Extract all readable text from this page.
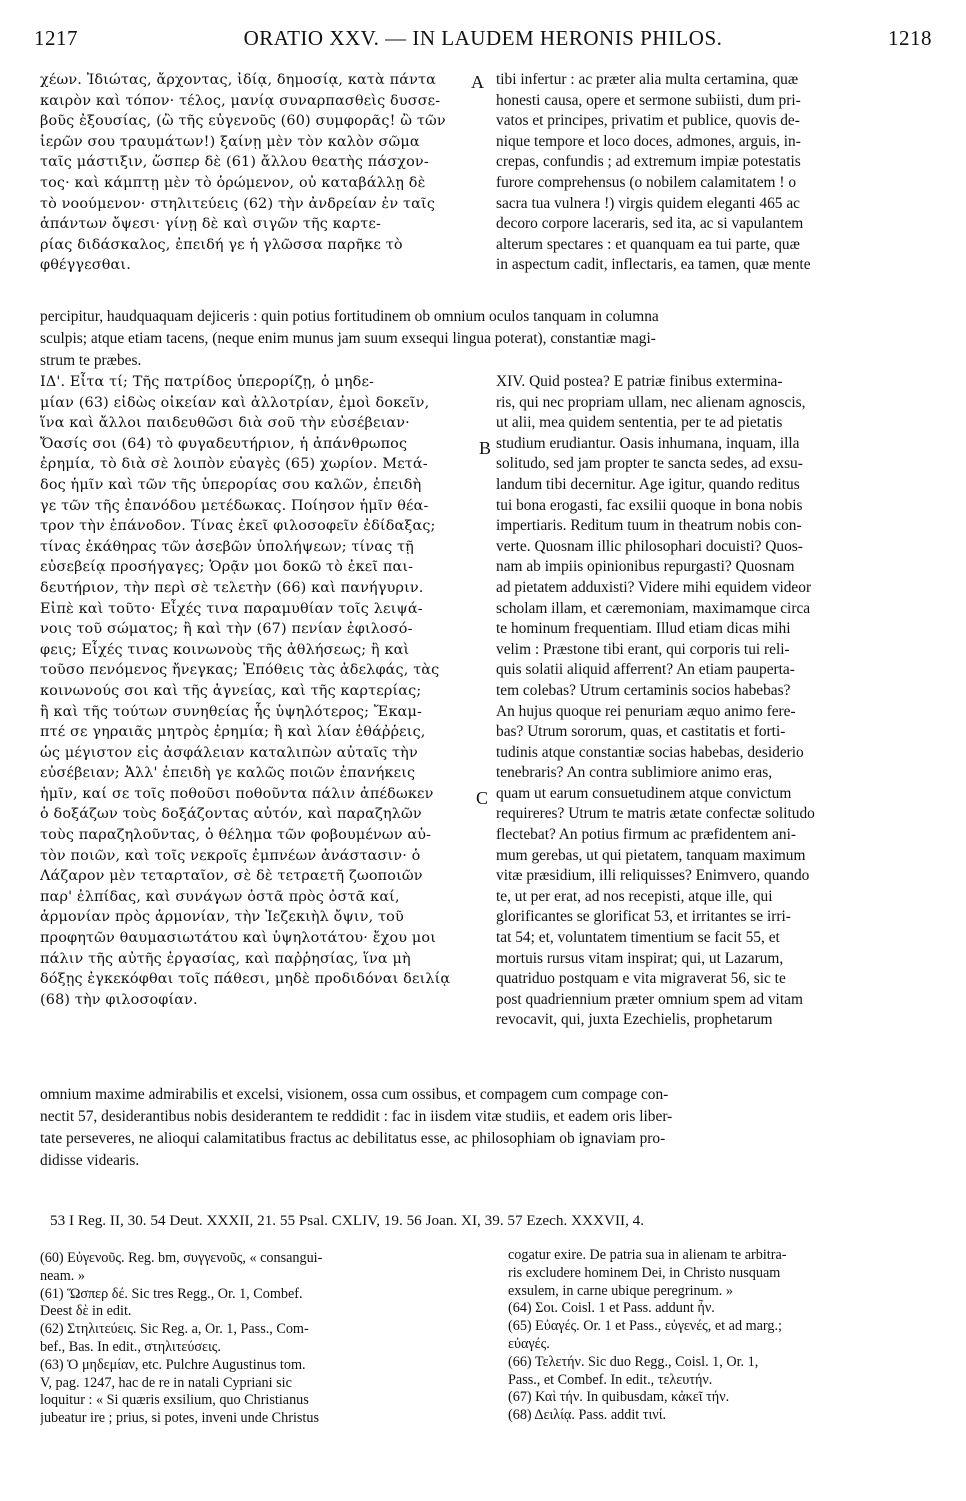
1217	ORATIO XXV. — IN LAUDEM HERONIS PHILOS.	1218
χέων. Ἰδιώτας, ἄρχοντας, ἰδίᾳ, δημοσίᾳ, κατὰ πάντα
καιρὸν καὶ τόπον· τέλος, μανίᾳ συναρπασθεὶς δυσσε-
βοῦς ἐξουσίας, (ὢ τῆς εὐγενοῦς (60) συμφορᾶς! ὢ τῶν
ἱερῶν σου τραυμάτων!) ξαίνῃ μὲν τὸν καλὸν σῶμα
ταῖς μάστιξιν, ὥσπερ δὲ (61) ἄλλου θεατὴς πάσχον-
τος· καὶ κάμπτῃ μὲν τὸ ὁρώμενον, οὐ καταβάλλῃ δὲ
τὸ νοούμενον· στηλιτεύεις (62) τὴν ἀνδρείαν ἐν ταῖς
ἁπάντων ὄψεσι· γίνῃ δὲ καὶ σιγῶν τῆς καρτε-
ρίας διδάσκαλος, ἐπειδή γε ἡ γλῶσσα παρῆκε τὸ
φθέγγεσθαι.
tibi infertur : ac præter alia multa certamina, quæ
honesti causa, opere et sermone subiisti, dum pri-
vatos et principes, privatim et publice, quovis de-
nique tempore et loco doces, admones, arguis, in-
crepas, confundis ; ad extremum impiæ potestatis
furore comprehensus (o nobilem calamitatem ! o
sacra tua vulnera !) virgis quidem eleganti 465 ac
decoro corpore laceraris, sed ita, ac si vapulantem
alterum spectares : et quanquam ea tui parte, quæ
in aspectum cadit, inflectaris, ea tamen, quæ mente
A
percipitur, haudquaquam dejiceris : quin potius fortitudinem ob omnium oculos tanquam in columna
sculpis; atque etiam tacens, (neque enim munus jam suum exsequi lingua poterat), constantiæ magi-
strum te præbes.
ΙΔ'. Εἶτα τί; Τῆς πατρίδος ὑπερορίζῃ, ὁ μηδε-
μίαν (63) εἰδὼς οἰκείαν καὶ ἀλλοτρίαν, ἐμοὶ δοκεῖν,
ἵνα καὶ ἄλλοι παιδευθῶσι διὰ σοῦ τὴν εὐσέβειαν·
Ὄασίς σοι (64) τὸ φυγαδευτήριον, ἡ ἀπάνθρωπος
ἐρημία, τὸ διὰ σὲ λοιπὸν εὐαγὲς (65) χωρίον. Μετά-
δος ἡμῖν καὶ τῶν τῆς ὑπερορίας σου καλῶν, ἐπειδὴ
γε τῶν τῆς ἐπανόδου μετέδωκας. Ποίησον ἡμῖν θέα-
τρον τὴν ἐπάνοδον. Τίνας ἐκεῖ φιλοσοφεῖν ἐδίδαξας;
τίνας ἐκάθηρας τῶν ἀσεβῶν ὑπολήψεων; τίνας τῇ
εὐσεβείᾳ προσήγαγες; Ὁρᾷν μοι δοκῶ τὸ ἐκεῖ παι-
δευτήριον, τὴν περὶ σὲ τελετὴν (66) καὶ πανήγυριν.
Εἰπὲ καὶ τοῦτο· Εἶχές τινα παραμυθίαν τοῖς λειψά-
νοις τοῦ σώματος; ἢ καὶ τὴν (67) πενίαν ἐφιλοσό-
φεις; Εἶχές τινας κοινωνοὺς τῆς ἀθλήσεως; ἢ καὶ
τοῦσο πενόμενος ἤνεγκας; Ἐπόθεις τὰς ἀδελφάς, τὰς
κοινωνούς σοι καὶ τῆς ἁγνείας, καὶ τῆς καρτερίας;
ἢ καὶ τῆς τούτων συνηθείας ἧς ὑψηλότερος; Ἔκαμ-
πτέ σε γηραιᾶς μητρὸς ἐρημία; ἢ καὶ λίαν ἐθάῤῥεις,
ὡς μέγιστον εἰς ἀσφάλειαν καταλιπὼν αὐταῖς τὴν
εὐσέβειαν; Ἀλλ' ἐπειδὴ γε καλῶς ποιῶν ἐπανήκεις
ἡμῖν, καί σε τοῖς ποθοῦσι ποθοῦντα πάλιν ἀπέδωκεν
ὁ δοξάζων τοὺς δοξάζοντας αὐτόν, καὶ παραζηλῶν
τοὺς παραζηλοῦντας, ὁ θέλημα τῶν φοβουμένων αὐ-
τὸν ποιῶν, καὶ τοῖς νεκροῖς ἐμπνέων ἀνάστασιν· ὁ
Λάζαρον μὲν τεταρταῖον, σὲ δὲ τετραετῆ ζωοποιῶν
παρ' ἐλπίδας, καὶ συνάγων ὀστᾶ πρὸς ὀστᾶ καί,
ἁρμονίαν πρὸς ἁρμονίαν, τὴν Ἰεζεκιὴλ ὄψιν, τοῦ
προφητῶν θαυμασιωτάτου καὶ ὑψηλοτάτου· ἔχου μοι
πάλιν τῆς αὐτῆς ἐργασίας, καὶ παῤῥησίας, ἵνα μὴ
δόξῃς ἐγκεκόφθαι τοῖς πάθεσι, μηδὲ προδιδόναι δειλίᾳ
(68) τὴν φιλοσοφίαν.
XIV. Quid postea? E patriæ finibus extermina-
ris, qui nec propriam ullam, nec alienam agnoscis,
ut alii, mea quidem sententia, per te ad pietatis
studium erudiantur. Oasis inhumana, inquam, illa
solitudo, sed jam propter te sancta sedes, ad exsu-
landum tibi decernitur. Age igitur, quando reditus
tui bona erogasti, fac exsilii quoque in bona nobis
impertiaris. Reditum tuum in theatrum nobis con-
verte. Quosnam illic philosophari docuisti? Quos-
nam ab impiis opinionibus repurgasti? Quosnam
ad pietatem adduxisti? Videre mihi equidem videor
scholam illam, et cæremoniam, maximamque circa
te hominum frequentiam. Illud etiam dicas mihi
velim : Præstone tibi erant, qui corporis tui reli-
quis solatii aliquid afferrent? An etiam pauperta-
tem colebas? Utrum certaminis socios habebas?
An hujus quoque rei penuriam æquo animo fere-
bas? Utrum sororum, quas, et castitatis et forti-
tudinis atque constantiæ socias habebas, desiderio
tenebraris? An contra sublimiore animo eras,
quam ut earum consuetudinem atque convictum
requireres? Utrum te matris ætate confectæ solitudo
flectebat? An potius firmum ac præfidentem ani-
mum gerebas, ut qui pietatem, tanquam maximum
vitæ præsidium, illi reliquisses? Enimvero, quando
te, ut per erat, ad nos recepisti, atque ille, qui
glorificantes se glorificat 53, et irritantes se irri-
tat 54; et, voluntatem timentium se facit 55, et
mortuis rursus vitam inspirat; qui, ut Lazarum,
quatriduo postquam e vita migraverat 56, sic te
post quadriennium præter omnium spem ad vitam
revocavit, qui, juxta Ezechielis, prophetarum
B
C
omnium maxime admirabilis et excelsi, visionem, ossa cum ossibus, et compagem cum compage con-
nectit 57, desiderantibus nobis desiderantem te reddidit : fac in iisdem vitæ studiis, et eadem oris liber-
tate perseveres, ne alioqui calamitatibus fractus ac debilitatus esse, ac philosophiam ob ignaviam pro-
didisse videaris.
53 I Reg. II, 30. 54 Deut. XXXII, 21. 55 Psal. CXLIV, 19. 56 Joan. XI, 39. 57 Ezech. XXXVII, 4.
(60) Εὐγενοῦς. Reg. bm, συγγενοῦς, « consangui-
neam. »
(61) Ὥσπερ δέ. Sic tres Regg., Or. 1, Combef.
Deest δὲ in edit.
(62) Στηλιτεύεις. Sic Reg. a, Or. 1, Pass., Com-
bef., Bas. In edit., στηλιτεύσεις.
(63) Ὁ μηδεμίαν, etc. Pulchre Augustinus tom.
V, pag. 1247, hac de re in natali Cypriani sic
loquitur : « Si quæris exsilium, quo Christianus
jubeatur ire ; prius, si potes, inveni unde Christus
cogatur exire. De patria sua in alienam te arbitra-
ris excludere hominem Dei, in Christo nusquam
exsulem, in carne ubique peregrinum. »
(64) Σοι. Coisl. 1 et Pass. addunt ἦν.
(65) Εὐαγές. Or. 1 et Pass., εὐγενές, et ad marg.;
εὐαγές.
(66) Τελετήν. Sic duo Regg., Coisl. 1, Or. 1,
Pass., et Combef. In edit., τελευτήν.
(67) Καὶ τήν. In quibusdam, κἀκεῖ τήν.
(68) Δειλίᾳ. Pass. addit τινί.
